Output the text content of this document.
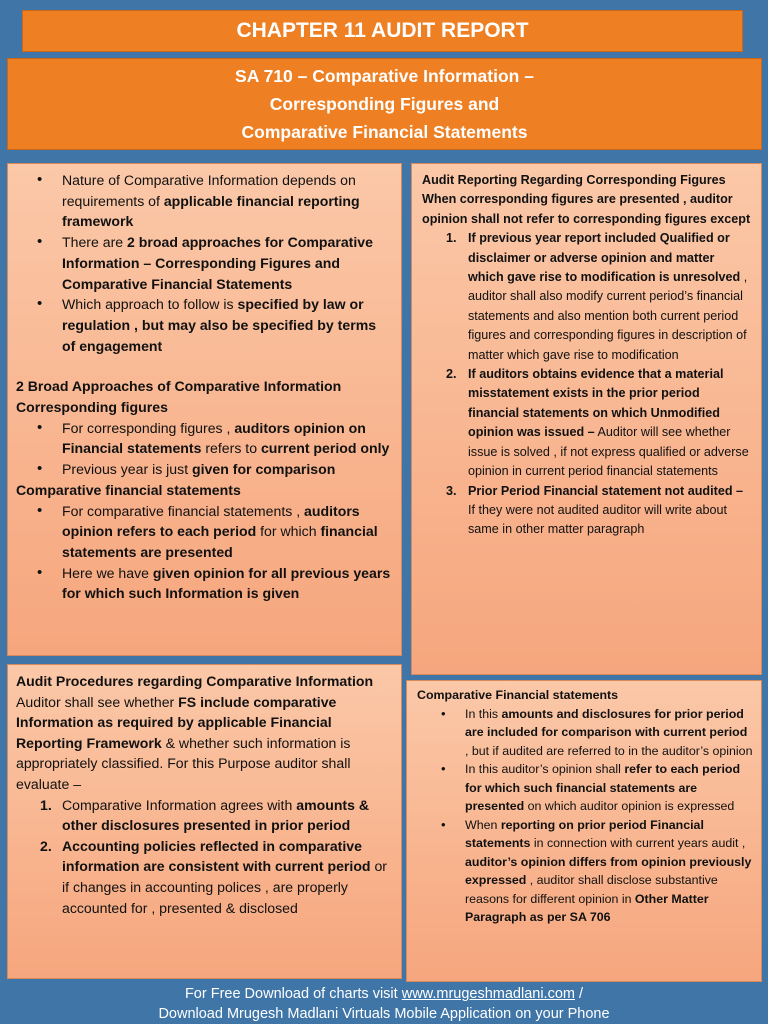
CHAPTER 11 AUDIT REPORT
SA 710 – Comparative Information –
Corresponding Figures and
Comparative Financial Statements
• Nature of Comparative Information depends on requirements of applicable financial reporting framework
• There are 2 broad approaches for Comparative Information – Corresponding Figures and Comparative Financial Statements
• Which approach to follow is specified by law or regulation , but may also be specified by terms of engagement
2 Broad Approaches of Comparative Information
Corresponding figures
• For corresponding figures , auditors opinion on Financial statements refers to current period only
• Previous year is just given for comparison
Comparative financial statements
• For comparative financial statements , auditors opinion refers to each period for which financial statements are presented
• Here we have given opinion for all previous years for which such Information is given
Audit Reporting Regarding Corresponding Figures
When corresponding figures are presented , auditor opinion shall not refer to corresponding figures except
1. If previous year report included Qualified or disclaimer or adverse opinion and matter which gave rise to modification is unresolved , auditor shall also modify current period’s financial statements and also mention both current period figures and corresponding figures in description of matter which gave rise to modification
2. If auditors obtains evidence that a material misstatement exists in the prior period financial statements on which Unmodified opinion was issued – Auditor will see whether issue is solved , if not express qualified or adverse opinion in current period financial statements
3. Prior Period Financial statement not audited – If they were not audited auditor will write about same in other matter paragraph
Audit Procedures regarding Comparative Information
Auditor shall see whether FS include comparative Information as required by applicable Financial Reporting Framework & whether such information is appropriately classified. For this Purpose auditor shall evaluate –
1. Comparative Information agrees with amounts & other disclosures presented in prior period
2. Accounting policies reflected in comparative information are consistent with current period or if changes in accounting polices , are properly accounted for , presented & disclosed
Comparative Financial statements
• In this amounts and disclosures for prior period are included for comparison with current period , but if audited are referred to in the auditor’s opinion
• In this auditor’s opinion shall refer to each period for which such financial statements are presented on which auditor opinion is expressed
• When reporting on prior period Financial statements in connection with current years audit , auditor’s opinion differs from opinion previously expressed , auditor shall disclose substantive reasons for different opinion in Other Matter Paragraph as per SA 706
For Free Download of charts visit www.mrugeshmadlani.com /
Download Mrugesh Madlani Virtuals Mobile Application on your Phone
